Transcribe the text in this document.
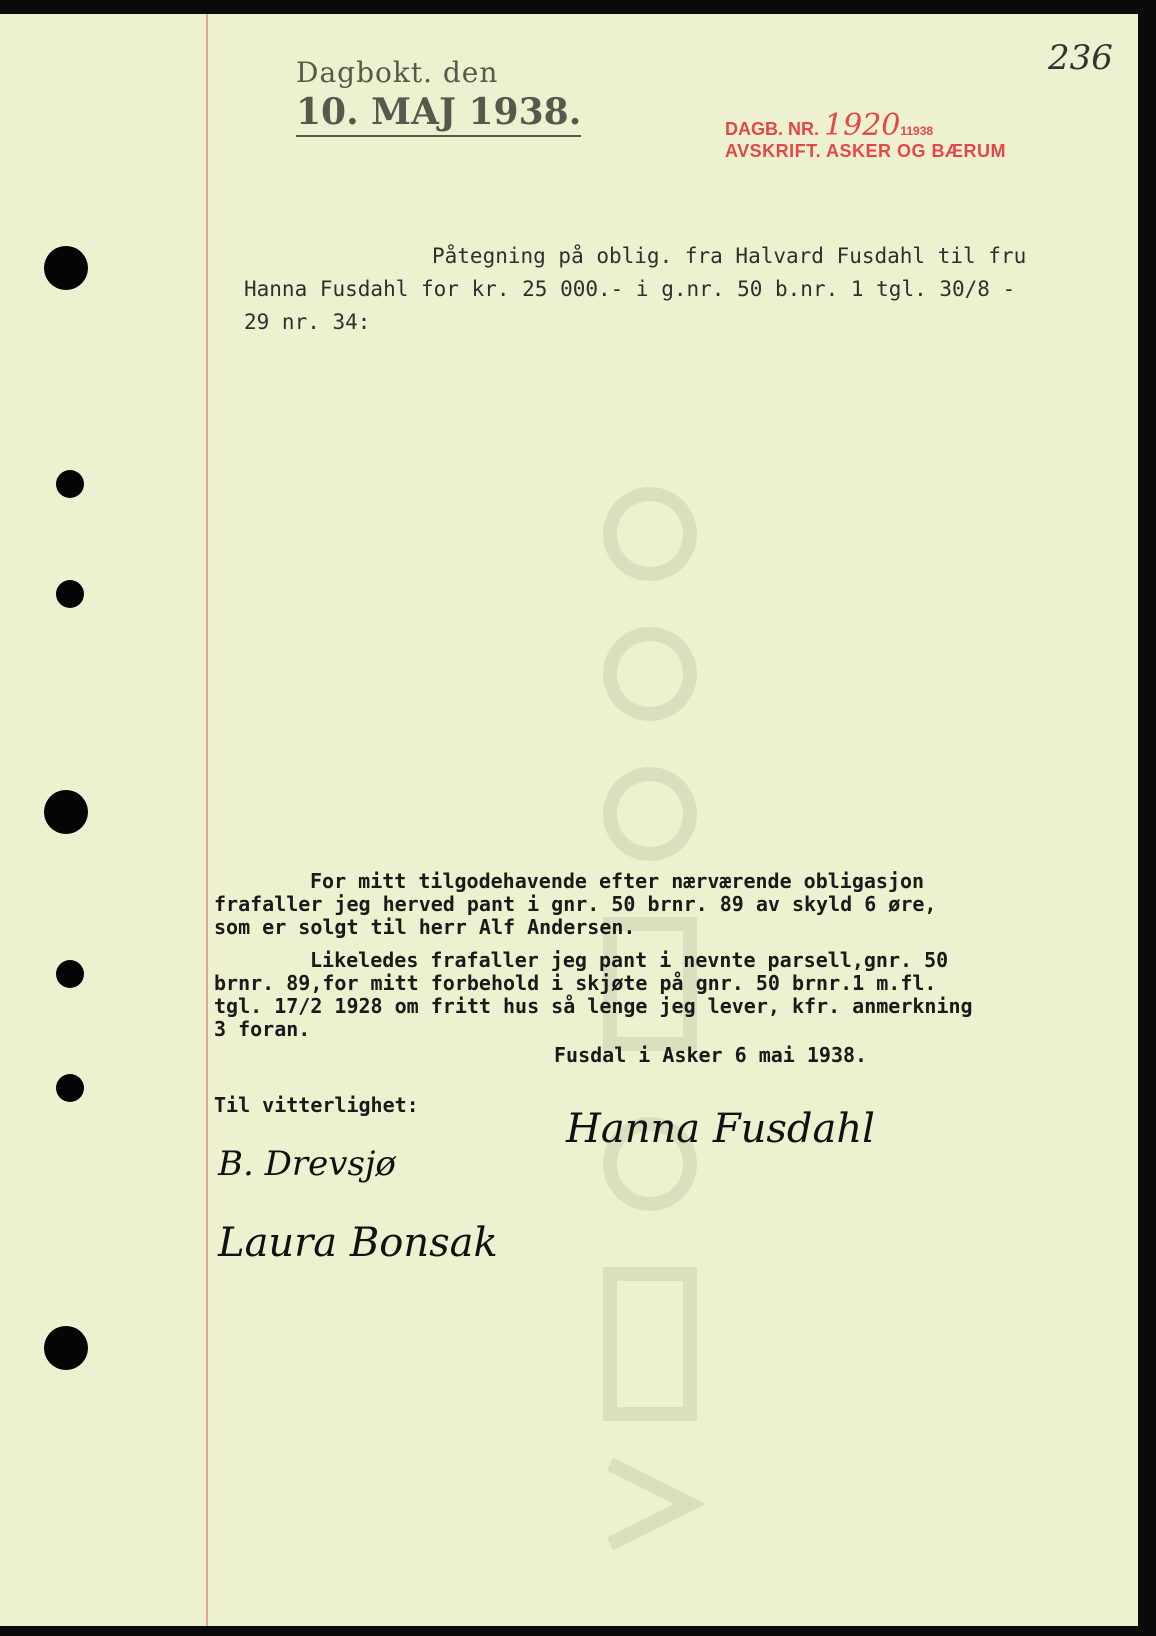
236
Dagbokt. den
10. MAJ 1938.	DAGB. NR. 192011938
AVSKRIFT. ASKER OG BÆRUM
Påtegning på oblig. fra Halvard Fusdahl til fru
Hanna Fusdahl for kr. 25 000.- i g.nr. 50 b.nr. 1 tgl. 30/8 -
29 nr. 34:
For mitt tilgodehavende efter nærværende obligasjon
frafaller jeg herved pant i gnr. 50 brnr. 89 av skyld 6 øre,
som er solgt til herr Alf Andersen.
Likeledes frafaller jeg pant i nevnte parsell,gnr. 50
brnr. 89,for mitt forbehold i skjøte på gnr. 50 brnr.1 m.fl.
tgl. 17/2 1928 om fritt hus så lenge jeg lever, kfr. anmerkning
3 foran.
Fusdal i Asker 6 mai 1938.
Til vitterlighet:
Hanna Fusdahl
B. Drevsjø
Laura Bonsak
